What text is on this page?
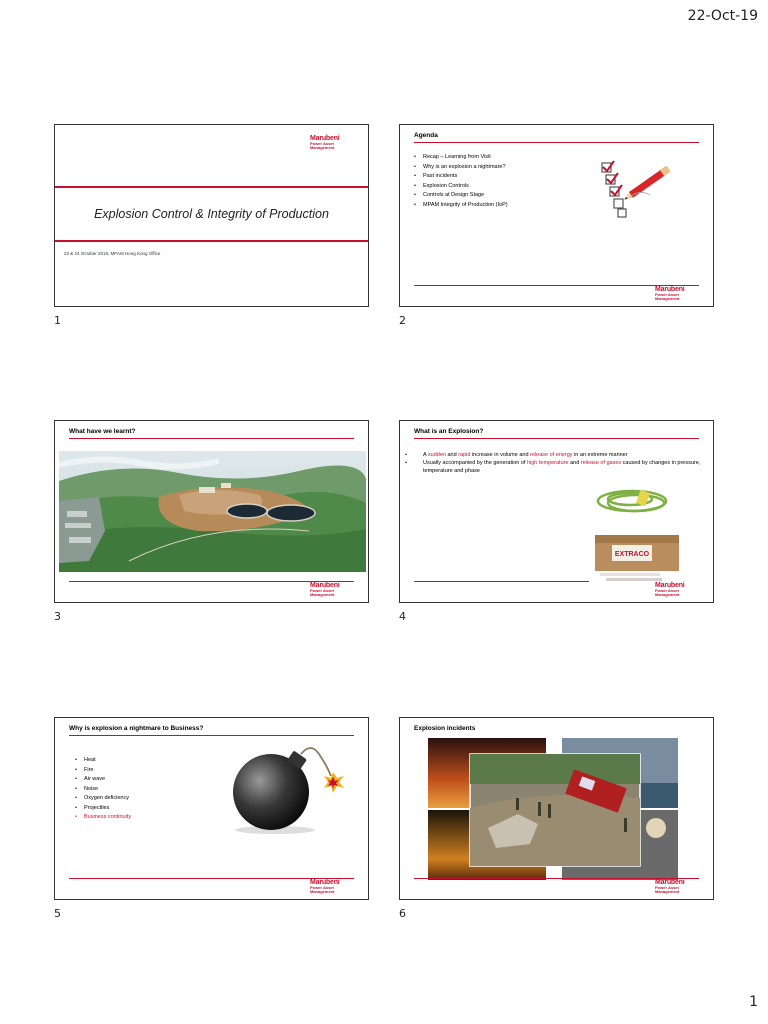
22-Oct-19
Marubeni
Power Asset
Management
Explosion Control & Integrity of Production
23 & 24 October 2019, MPAM Hong Kong Office
1
Agenda
• Recap – Learning from Visit
• Why is an explosion a nightmare?
• Past incidents
• Explosion Controls
• Controls at Design Stage
• MPAM Integrity of Production (IoP)
Marubeni
Power Asset
Management
2
What have we learnt?
Marubeni
Power Asset
Management
3
What is an Explosion?
• A sudden and rapid increase in volume and release of energy in an extreme manner
• Usually accompanied by the generation of high temperature and release of gases caused by changes in pressure, temperature and phase
EXTRACO
Marubeni
Power Asset
Management
4
Why is explosion a nightmare to Business?
• Heat
• Fire
• Air wave
• Noise
• Oxygen deficiency
• Projectiles
• Business continuity
Marubeni
Power Asset
Management
5
Explosion incidents
Marubeni
Power Asset
Management
6
1
